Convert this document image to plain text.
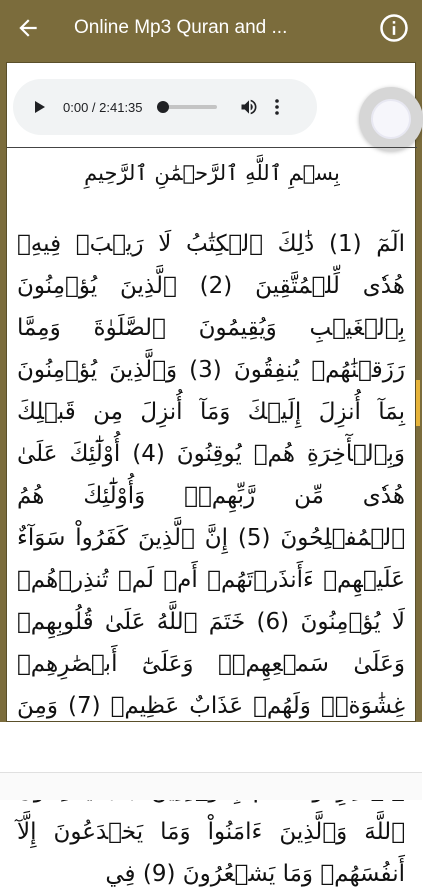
Online Mp3 Quran and ...
0:00 / 2:41:35
بِسۡمِ ٱللَّهِ ٱلرَّحۡمَٰنِ ٱلرَّحِيمِ
الٓمٓ (1) ذَٰلِكَ ٱلۡكِتَٰبُ لَا رَيۡبَۛ فِيهِۛ هُدٗى لِّلۡمُتَّقِينَ (2) ٱلَّذِينَ يُؤۡمِنُونَ بِٱلۡغَيۡبِ وَيُقِيمُونَ ٱلصَّلَوٰةَ وَمِمَّا رَزَقۡنَٰهُمۡ يُنفِقُونَ (3) وَٱلَّذِينَ يُؤۡمِنُونَ بِمَآ أُنزِلَ إِلَيۡكَ وَمَآ أُنزِلَ مِن قَبۡلِكَ وَبِٱلۡأٓخِرَةِ هُمۡ يُوقِنُونَ (4) أُوْلَٰٓئِكَ عَلَىٰ هُدٗى مِّن رَّبِّهِمۡۖ وَأُوْلَٰٓئِكَ هُمُ ٱلۡمُفۡلِحُونَ (5) إِنَّ ٱلَّذِينَ كَفَرُواْ سَوَآءٌ عَلَيۡهِمۡ ءَأَنذَرۡتَهُمۡ أَمۡ لَمۡ تُنذِرۡهُمۡ لَا يُؤۡمِنُونَ (6) خَتَمَ ٱللَّهُ عَلَىٰ قُلُوبِهِمۡ وَعَلَىٰ سَمۡعِهِمۡۖ وَعَلَىٰٓ أَبۡصَٰرِهِمۡ غِشَٰوَةٞۖ وَلَهُمۡ عَذَابٌ عَظِيمٞ (7) وَمِنَ ٱللَّهَ وَٱلَّذِينَ ءَامَنُواْ وَمَا يَخۡدَعُونَ إِلَّآ أَنفُسَهُمۡ وَمَا يَشۡعُرُونَ (9) فِي
